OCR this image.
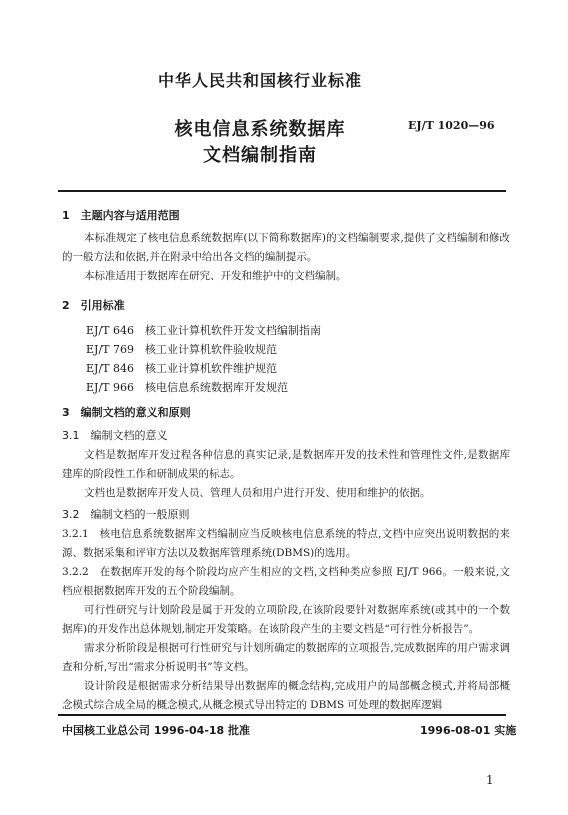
中华人民共和国核行业标准
核电信息系统数据库	EJ/T 1020—96
文档编制指南
1　主题内容与适用范围
本标准规定了核电信息系统数据库(以下简称数据库)的文档编制要求,提供了文档编制和修改的一般方法和依据,并在附录中给出各文档的编制提示。
本标准适用于数据库在研究、开发和维护中的文档编制。
2　引用标准
EJ/T 646　核工业计算机软件开发文档编制指南
EJ/T 769　核工业计算机软件验收规范
EJ/T 846　核工业计算机软件维护规范
EJ/T 966　核电信息系统数据库开发规范
3　编制文档的意义和原则
3.1　编制文档的意义
文档是数据库开发过程各种信息的真实记录,是数据库开发的技术性和管理性文件,是数据库建库的阶段性工作和研制成果的标志。
文档也是数据库开发人员、管理人员和用户进行开发、使用和维护的依据。
3.2　编制文档的一般原则
3.2.1　核电信息系统数据库文档编制应当反映核电信息系统的特点,文档中应突出说明数据的来源、数据采集和评审方法以及数据库管理系统(DBMS)的选用。
3.2.2　在数据库开发的每个阶段均应产生相应的文档,文档种类应参照 EJ/T 966。一般来说,文档应根据数据库开发的五个阶段编制。
可行性研究与计划阶段是属于开发的立项阶段,在该阶段要针对数据库系统(或其中的一个数据库)的开发作出总体规划,制定开发策略。在该阶段产生的主要文档是“可行性分析报告”。
需求分析阶段是根据可行性研究与计划所确定的数据库的立项报告,完成数据库的用户需求调查和分析,写出“需求分析说明书”等文档。
设计阶段是根据需求分析结果导出数据库的概念结构,完成用户的局部概念模式,并将局部概念模式综合成全局的概念模式,从概念模式导出特定的 DBMS 可处理的数据库逻辑
中国核工业总公司 1996-04-18 批准	1996-08-01 实施
1
